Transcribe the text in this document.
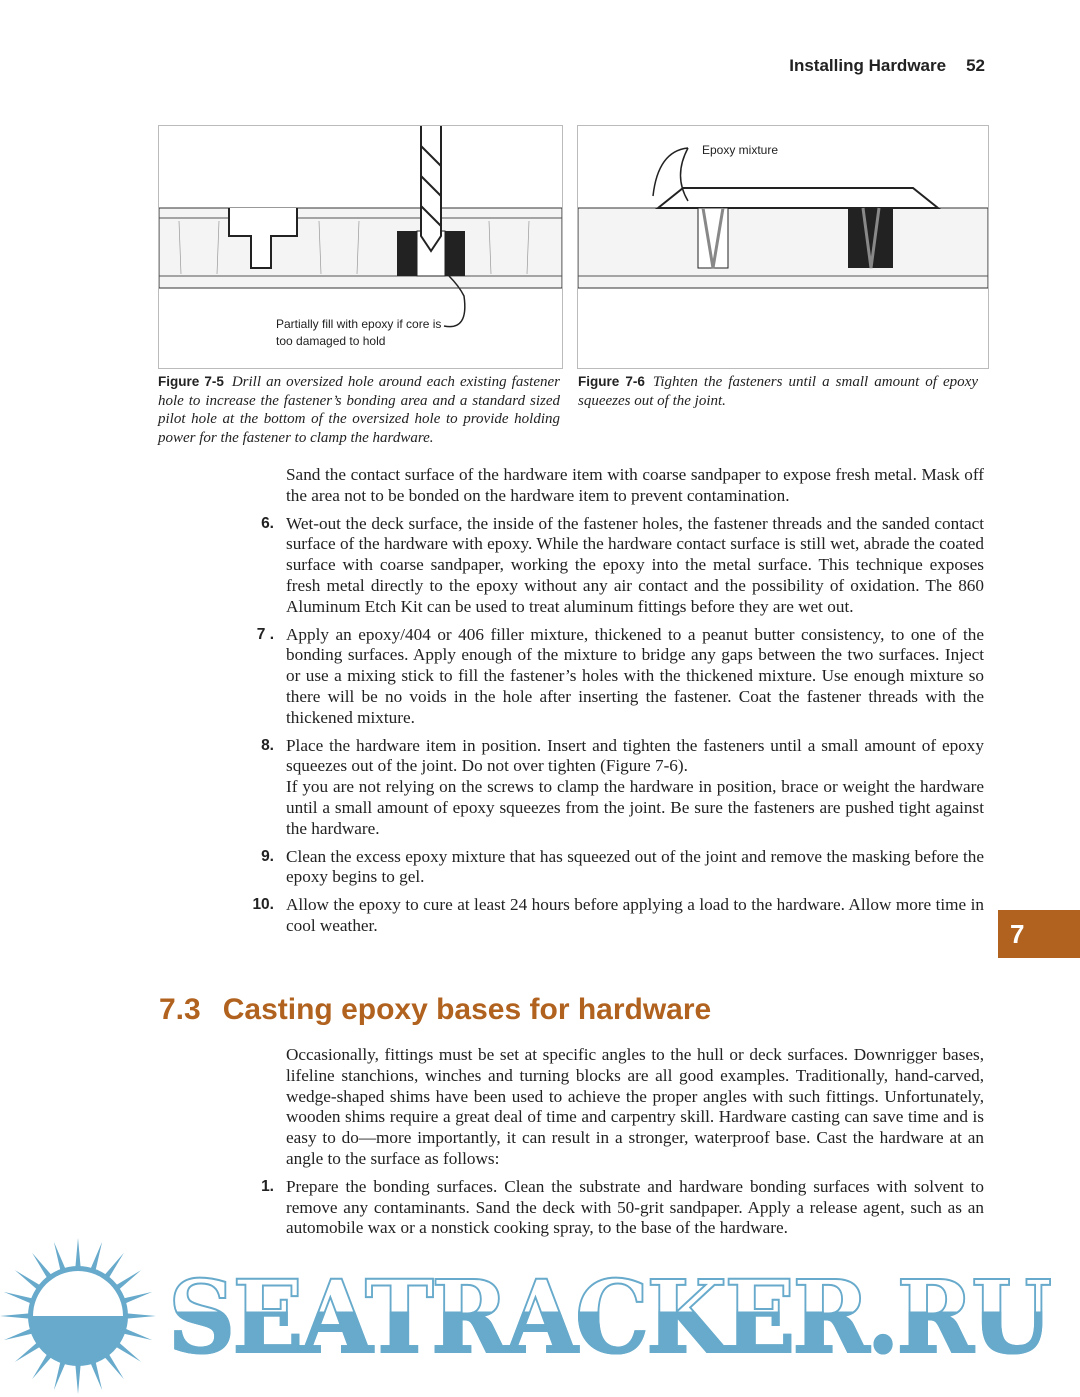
Installing Hardware 52
Partially fill with epoxy if core is too damaged to hold
Figure 7-5 Drill an oversized hole around each existing fastener hole to increase the fastener’s bonding area and a standard sized pilot hole at the bottom of the oversized hole to provide holding power for the fastener to clamp the hardware.
Epoxy mixture
Figure 7-6 Tighten the fasteners until a small amount of epoxy squeezes out of the joint.

Sand the contact surface of the hardware item with coarse sandpaper to expose fresh metal. Mask off the area not to be bonded on the hardware item to prevent contamination.

6. Wet-out the deck surface, the inside of the fastener holes, the fastener threads and the sanded contact surface of the hardware with epoxy. While the hardware contact surface is still wet, abrade the coated surface with coarse sandpaper, working the epoxy into the metal surface. This technique exposes fresh metal directly to the epoxy without any air contact and the possibility of oxidation. The 860 Aluminum Etch Kit can be used to treat aluminum fittings before they are wet out.

7 . Apply an epoxy/404 or 406 filler mixture, thickened to a peanut butter consistency, to one of the bonding surfaces. Apply enough of the mixture to bridge any gaps between the two surfaces. Inject or use a mixing stick to fill the fastener’s holes with the thickened mixture. Use enough mixture so there will be no voids in the hole after inserting the fastener. Coat the fastener threads with the thickened mixture.

8. Place the hardware item in position. Insert and tighten the fasteners until a small amount of epoxy squeezes out of the joint. Do not over tighten (Figure 7-6).

If you are not relying on the screws to clamp the hardware in position, brace or weight the hardware until a small amount of epoxy squeezes from the joint. Be sure the fasteners are pushed tight against the hardware.

9. Clean the excess epoxy mixture that has squeezed out of the joint and remove the masking before the epoxy begins to gel.

10. Allow the epoxy to cure at least 24 hours before applying a load to the hardware. Allow more time in cool weather.	7
7.3 Casting epoxy bases for hardware

Occasionally, fittings must be set at specific angles to the hull or deck surfaces. Downrigger bases, lifeline stanchions, winches and turning blocks are all good examples. Traditionally, hand-carved, wedge-shaped shims have been used to achieve the proper angles with such fittings. Unfortunately, wooden shims require a great deal of time and carpentry skill. Hardware casting can save time and is easy to do—more importantly, it can result in a stronger, waterproof base. Cast the hardware at an angle to the surface as follows:

1. Prepare the bonding surfaces. Clean the substrate and hardware bonding surfaces with solvent to remove any contaminants. Sand the deck with 50-grit sandpaper. Apply a release agent, such as an automobile wax or a nonstick cooking spray, to the base of the hardware.

SEATRACKER.RU
